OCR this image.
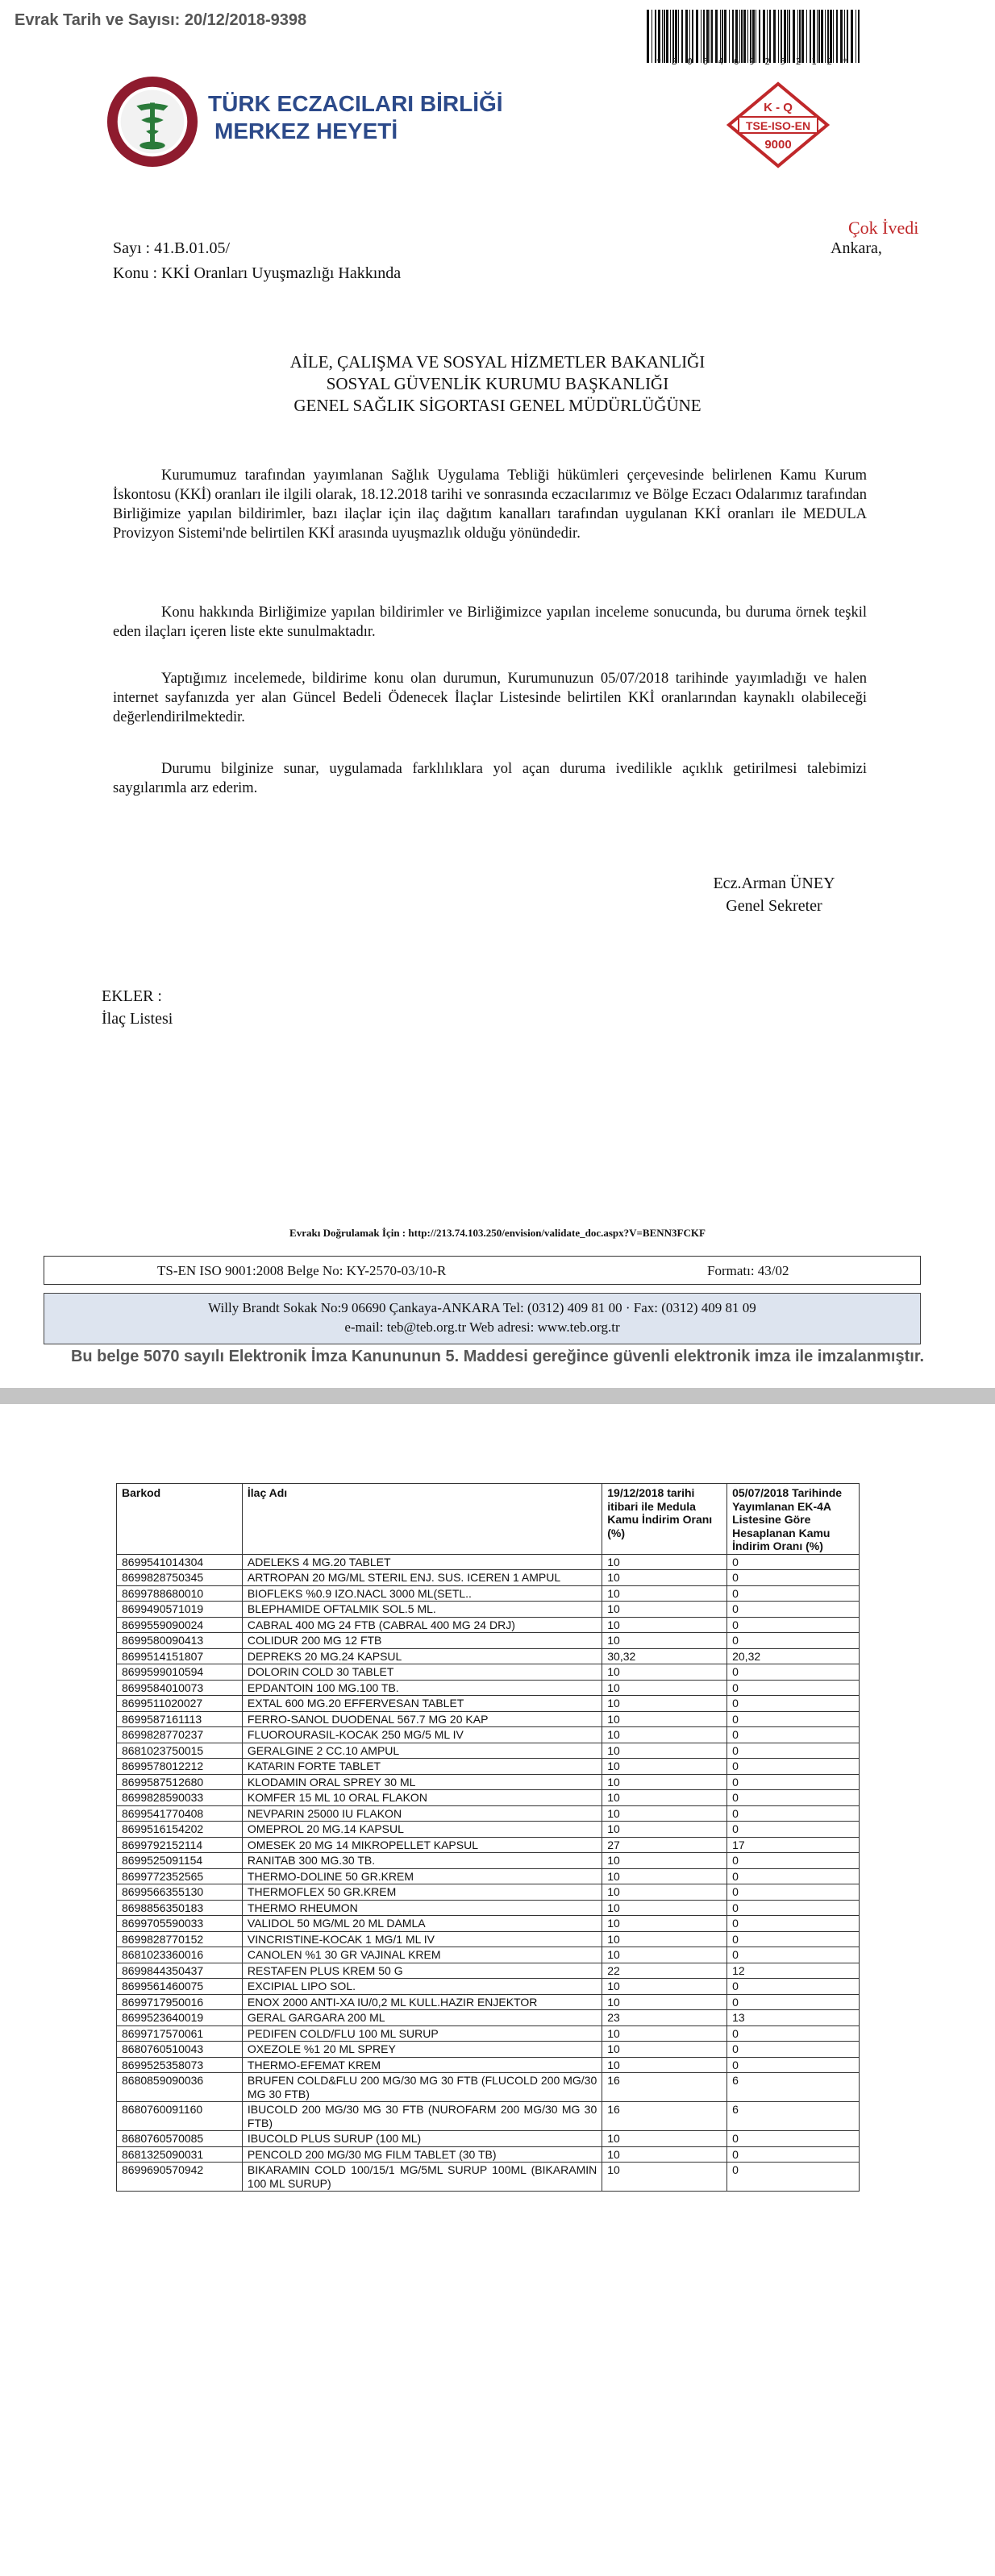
Evrak Tarih ve Sayısı: 20/12/2018-9398
* B 0 6 4 6 9 2 5 2 1 2 *
TÜRK ECZACILARI BİRLİĞİ
MERKEZ HEYETİ
K - Q
TSE-ISO-EN
9000
Çok İvedi
Sayı : 41.B.01.05/	Ankara,
Konu : KKİ Oranları Uyuşmazlığı Hakkında
AİLE, ÇALIŞMA VE SOSYAL HİZMETLER BAKANLIĞI
SOSYAL GÜVENLİK KURUMU BAŞKANLIĞI
GENEL SAĞLIK SİGORTASI GENEL MÜDÜRLÜĞÜNE
Kurumumuz tarafından yayımlanan Sağlık Uygulama Tebliği hükümleri çerçevesinde belirlenen Kamu Kurum İskontosu (KKİ) oranları ile ilgili olarak, 18.12.2018 tarihi ve sonrasında eczacılarımız ve Bölge Eczacı Odalarımız tarafından Birliğimize yapılan bildirimler, bazı ilaçlar için ilaç dağıtım kanalları tarafından uygulanan KKİ oranları ile MEDULA Provizyon Sistemi'nde belirtilen KKİ arasında uyuşmazlık olduğu yönündedir.
Konu hakkında Birliğimize yapılan bildirimler ve Birliğimizce yapılan inceleme sonucunda, bu duruma örnek teşkil eden ilaçları içeren liste ekte sunulmaktadır.
Yaptığımız incelemede, bildirime konu olan durumun, Kurumunuzun 05/07/2018 tarihinde yayımladığı ve halen internet sayfanızda yer alan Güncel Bedeli Ödenecek İlaçlar Listesinde belirtilen KKİ oranlarından kaynaklı olabileceği değerlendirilmektedir.
Durumu bilginize sunar, uygulamada farklılıklara yol açan duruma ivedilikle açıklık getirilmesi talebimizi saygılarımla arz ederim.
Ecz.Arman ÜNEY
Genel Sekreter
EKLER :
İlaç Listesi
Evrakı Doğrulamak İçin : http://213.74.103.250/envision/validate_doc.aspx?V=BENN3FCKF
TS-EN ISO 9001:2008 Belge No: KY-2570-03/10-R	Formatı: 43/02
Willy Brandt Sokak No:9 06690 Çankaya-ANKARA Tel: (0312) 409 81 00 · Fax: (0312) 409 81 09
e-mail: teb@teb.org.tr Web adresi: www.teb.org.tr
Bu belge 5070 sayılı Elektronik İmza Kanununun 5. Maddesi gereğince güvenli elektronik imza ile imzalanmıştır.
Barkod	İlaç Adı	19/12/2018 tarihi itibari ile Medula Kamu İndirim Oranı (%)	05/07/2018 Tarihinde Yayımlanan EK-4A Listesine Göre Hesaplanan Kamu İndirim Oranı (%)
8699541014304	ADELEKS 4 MG.20 TABLET	10	0
8699828750345	ARTROPAN 20 MG/ML STERIL ENJ. SUS. ICEREN 1 AMPUL	10	0
8699788680010	BIOFLEKS %0.9 IZO.NACL 3000 ML(SETL..	10	0
8699490571019	BLEPHAMIDE OFTALMIK SOL.5 ML.	10	0
8699559090024	CABRAL 400 MG 24 FTB (CABRAL 400 MG 24 DRJ)	10	0
8699580090413	COLIDUR 200 MG 12 FTB	10	0
8699514151807	DEPREKS 20 MG.24 KAPSUL	30,32	20,32
8699599010594	DOLORIN COLD 30 TABLET	10	0
8699584010073	EPDANTOIN 100 MG.100 TB.	10	0
8699511020027	EXTAL 600 MG.20 EFFERVESAN TABLET	10	0
8699587161113	FERRO-SANOL DUODENAL 567.7 MG 20 KAP	10	0
8699828770237	FLUOROURASIL-KOCAK 250 MG/5 ML IV	10	0
8681023750015	GERALGINE 2 CC.10 AMPUL	10	0
8699578012212	KATARIN FORTE TABLET	10	0
8699587512680	KLODAMIN ORAL SPREY 30 ML	10	0
8699828590033	KOMFER 15 ML 10 ORAL FLAKON	10	0
8699541770408	NEVPARIN 25000 IU FLAKON	10	0
8699516154202	OMEPROL 20 MG.14 KAPSUL	10	0
8699792152114	OMESEK 20 MG 14 MIKROPELLET KAPSUL	27	17
8699525091154	RANITAB 300 MG.30 TB.	10	0
8699772352565	THERMO-DOLINE 50 GR.KREM	10	0
8699566355130	THERMOFLEX 50 GR.KREM	10	0
8698856350183	THERMO RHEUMON	10	0
8699705590033	VALIDOL 50 MG/ML 20 ML DAMLA	10	0
8699828770152	VINCRISTINE-KOCAK 1 MG/1 ML IV	10	0
8681023360016	CANOLEN %1 30 GR VAJINAL KREM	10	0
8699844350437	RESTAFEN PLUS KREM 50 G	22	12
8699561460075	EXCIPIAL LIPO SOL.	10	0
8699717950016	ENOX 2000 ANTI-XA IU/0,2 ML KULL.HAZIR ENJEKTOR	10	0
8699523640019	GERAL GARGARA 200 ML	23	13
8699717570061	PEDIFEN COLD/FLU 100 ML SURUP	10	0
8680760510043	OXEZOLE %1 20 ML SPREY	10	0
8699525358073	THERMO-EFEMAT KREM	10	0
8680859090036	BRUFEN COLD&FLU 200 MG/30 MG 30 FTB (FLUCOLD 200 MG/30 MG 30 FTB)	16	6
8680760091160	IBUCOLD 200 MG/30 MG 30 FTB (NUROFARM 200 MG/30 MG 30 FTB)	16	6
8680760570085	IBUCOLD PLUS SURUP (100 ML)	10	0
8681325090031	PENCOLD 200 MG/30 MG FILM TABLET (30 TB)	10	0
8699690570942	BIKARAMIN COLD 100/15/1 MG/5ML SURUP 100ML (BIKARAMIN 100 ML SURUP)	10	0
